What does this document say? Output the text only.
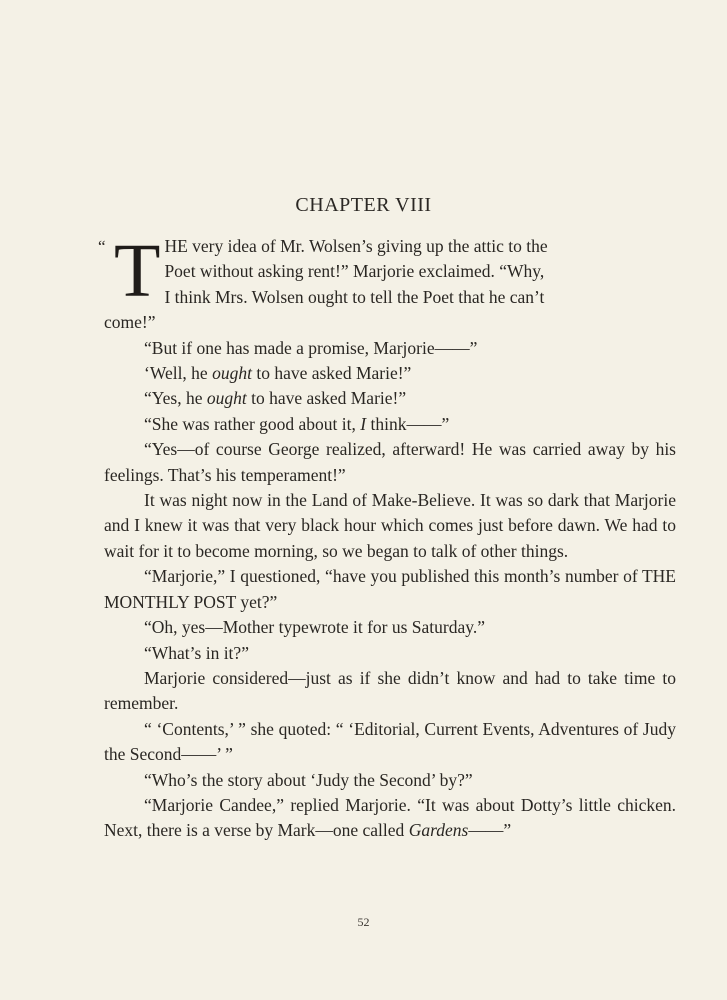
CHAPTER VIII
“ T HE very idea of Mr. Wolsen’s giving up the attic to the
Poet without asking rent!” Marjorie exclaimed. “Why,
I think Mrs. Wolsen ought to tell the Poet that he can’t
come!”

“But if one has made a promise, Marjorie——”

‘Well, he ought to have asked Marie!”

“Yes, he ought to have asked Marie!”

“She was rather good about it, I think——”

“Yes—of course George realized, afterward! He was carried away by his feelings. That’s his temperament!”

It was night now in the Land of Make-Believe. It was so dark that Marjorie and I knew it was that very black hour which comes just before dawn. We had to wait for it to become morning, so we began to talk of other things.

“Marjorie,” I questioned, “have you published this month’s number of THE MONTHLY POST yet?”

“Oh, yes—Mother typewrote it for us Saturday.”

“What’s in it?”

Marjorie considered—just as if she didn’t know and had to take time to remember.

“ ‘Contents,’ ” she quoted: “ ‘Editorial, Current Events, Adventures of Judy the Second——’ ”

“Who’s the story about ‘Judy the Second’ by?”

“Marjorie Candee,” replied Marjorie. “It was about Dotty’s little chicken. Next, there is a verse by Mark—one called Gardens——”

52
